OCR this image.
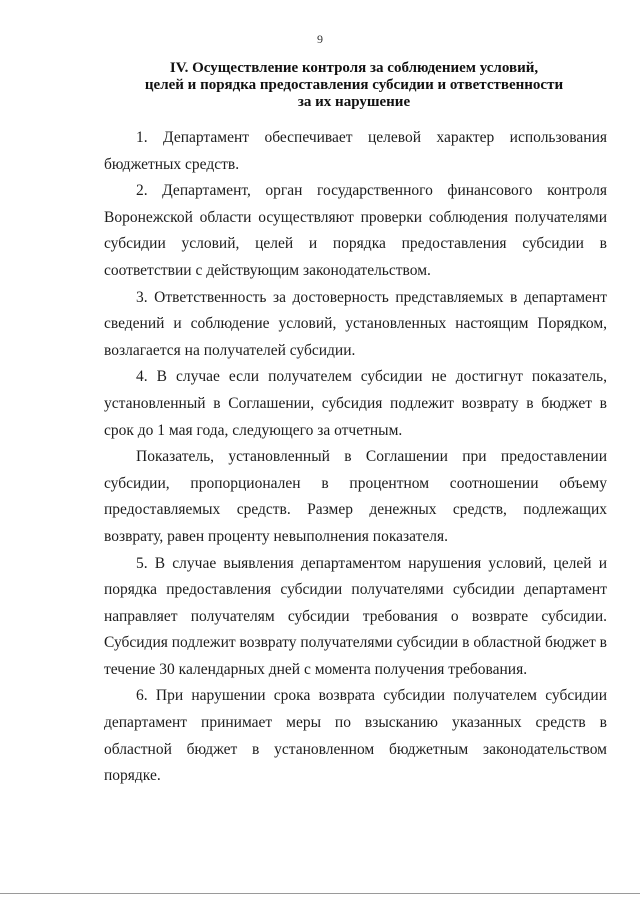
9
IV. Осуществление контроля за соблюдением условий,
целей и порядка предоставления субсидии и ответственности
за их нарушение

1. Департамент обеспечивает целевой характер использования бюджетных средств.

2. Департамент, орган государственного финансового контроля Воронежской области осуществляют проверки соблюдения получателями субсидии условий, целей и порядка предоставления субсидии в соответствии с действующим законодательством.

3. Ответственность за достоверность представляемых в департамент сведений и соблюдение условий, установленных настоящим Порядком, возлагается на получателей субсидии.

4. В случае если получателем субсидии не достигнут показатель, установленный в Соглашении, субсидия подлежит возврату в бюджет в срок до 1 мая года, следующего за отчетным.

Показатель, установленный в Соглашении при предоставлении субсидии, пропорционален в процентном соотношении объему предоставляемых средств. Размер денежных средств, подлежащих возврату, равен проценту невыполнения показателя.

5. В случае выявления департаментом нарушения условий, целей и порядка предоставления субсидии получателями субсидии департамент направляет получателям субсидии требования о возврате субсидии. Субсидия подлежит возврату получателями субсидии в областной бюджет в течение 30 календарных дней с момента получения требования.

6. При нарушении срока возврата субсидии получателем субсидии департамент принимает меры по взысканию указанных средств в областной бюджет в установленном бюджетным законодательством порядке.
